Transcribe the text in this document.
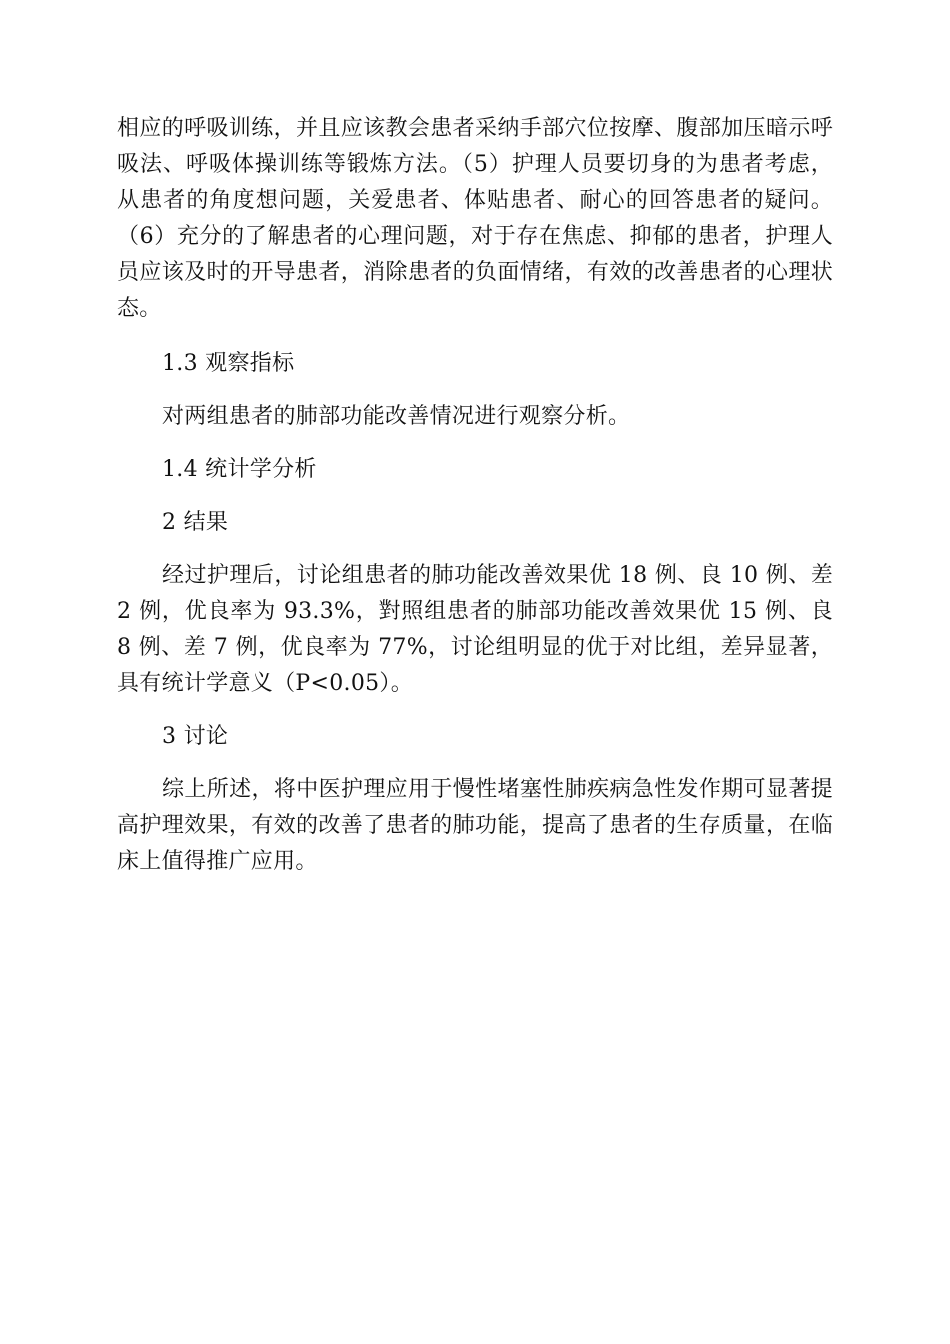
相应的呼吸训练，并且应该教会患者采纳手部穴位按摩、腹部加压暗示呼吸法、呼吸体操训练等锻炼方法。（5）护理人员要切身的为患者考虑，从患者的角度想问题，关爱患者、体贴患者、耐心的回答患者的疑问。（6）充分的了解患者的心理问题，对于存在焦虑、抑郁的患者，护理人员应该及时的开导患者，消除患者的负面情绪，有效的改善患者的心理状态。

1.3 观察指标

对两组患者的肺部功能改善情况进行观察分析。

1.4 统计学分析

2 结果

经过护理后，讨论组患者的肺功能改善效果优 18 例、良 10 例、差 2 例，优良率为 93.3%，對照组患者的肺部功能改善效果优 15 例、良 8 例、差 7 例，优良率为 77%，讨论组明显的优于对比组，差异显著，具有统计学意义（P<0.05）。

3 讨论

综上所述，将中医护理应用于慢性堵塞性肺疾病急性发作期可显著提高护理效果，有效的改善了患者的肺功能，提高了患者的生存质量，在临床上值得推广应用。
